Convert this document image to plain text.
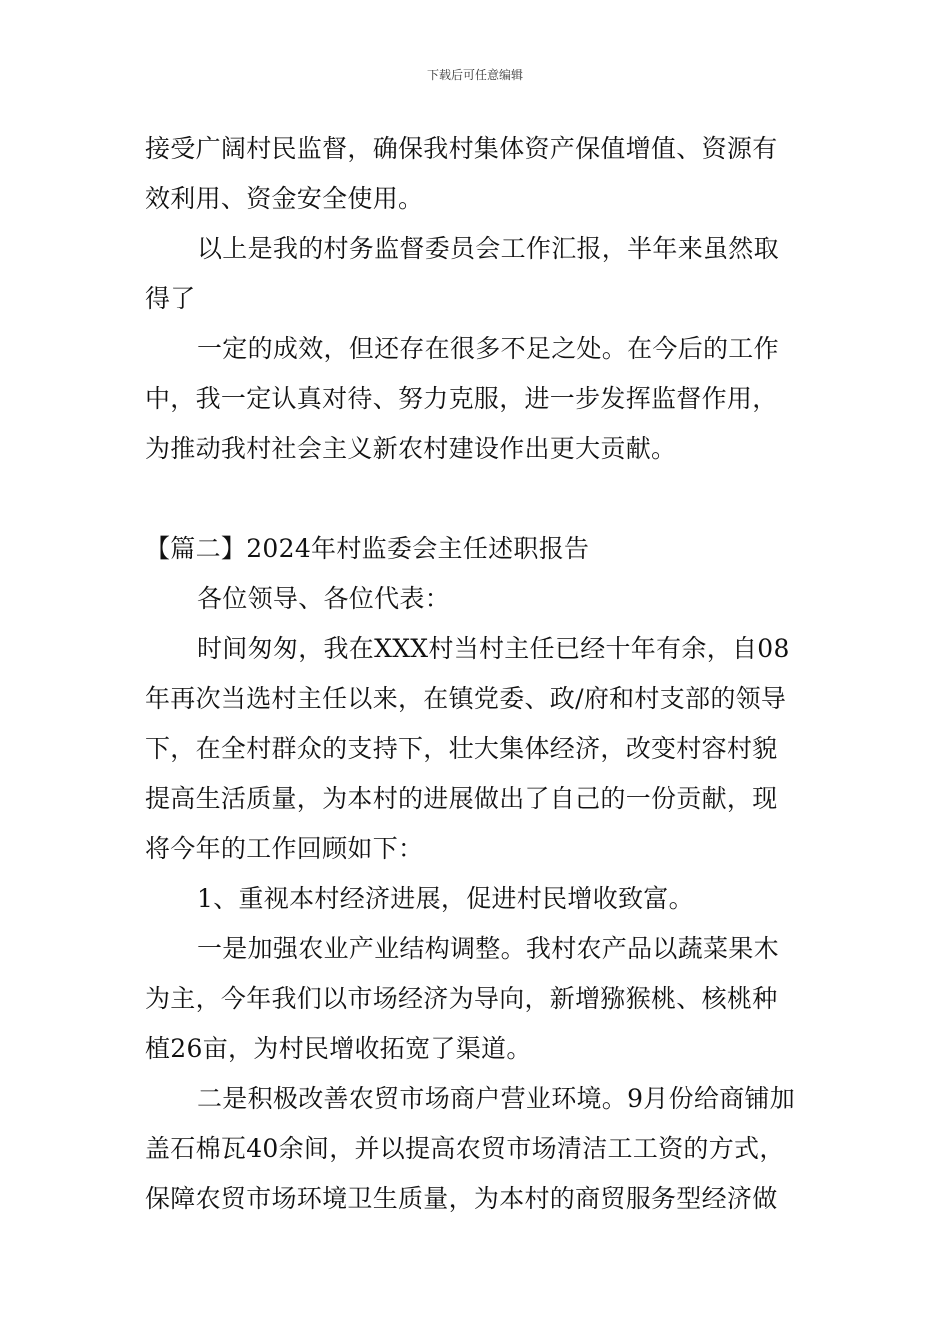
下载后可任意编辑
接受广阔村民监督，确保我村集体资产保值增值、资源有
效利用、资金安全使用。
以上是我的村务监督委员会工作汇报，半年来虽然取
得了
一定的成效，但还存在很多不足之处。在今后的工作
中，我一定认真对待、努力克服，进一步发挥监督作用，
为推动我村社会主义新农村建设作出更大贡献。
【篇二】2024年村监委会主任述职报告
各位领导、各位代表：
时间匆匆，我在XXX村当村主任已经十年有余，自08
年再次当选村主任以来，在镇党委、政/府和村支部的领导
下，在全村群众的支持下，壮大集体经济，改变村容村貌
提高生活质量，为本村的进展做出了自己的一份贡献，现
将今年的工作回顾如下：
1、重视本村经济进展，促进村民增收致富。
一是加强农业产业结构调整。我村农产品以蔬菜果木
为主，今年我们以市场经济为导向，新增猕猴桃、核桃种
植26亩，为村民增收拓宽了渠道。
二是积极改善农贸市场商户营业环境。9月份给商铺加
盖石棉瓦40余间，并以提高农贸市场清洁工工资的方式，
保障农贸市场环境卫生质量，为本村的商贸服务型经济做
